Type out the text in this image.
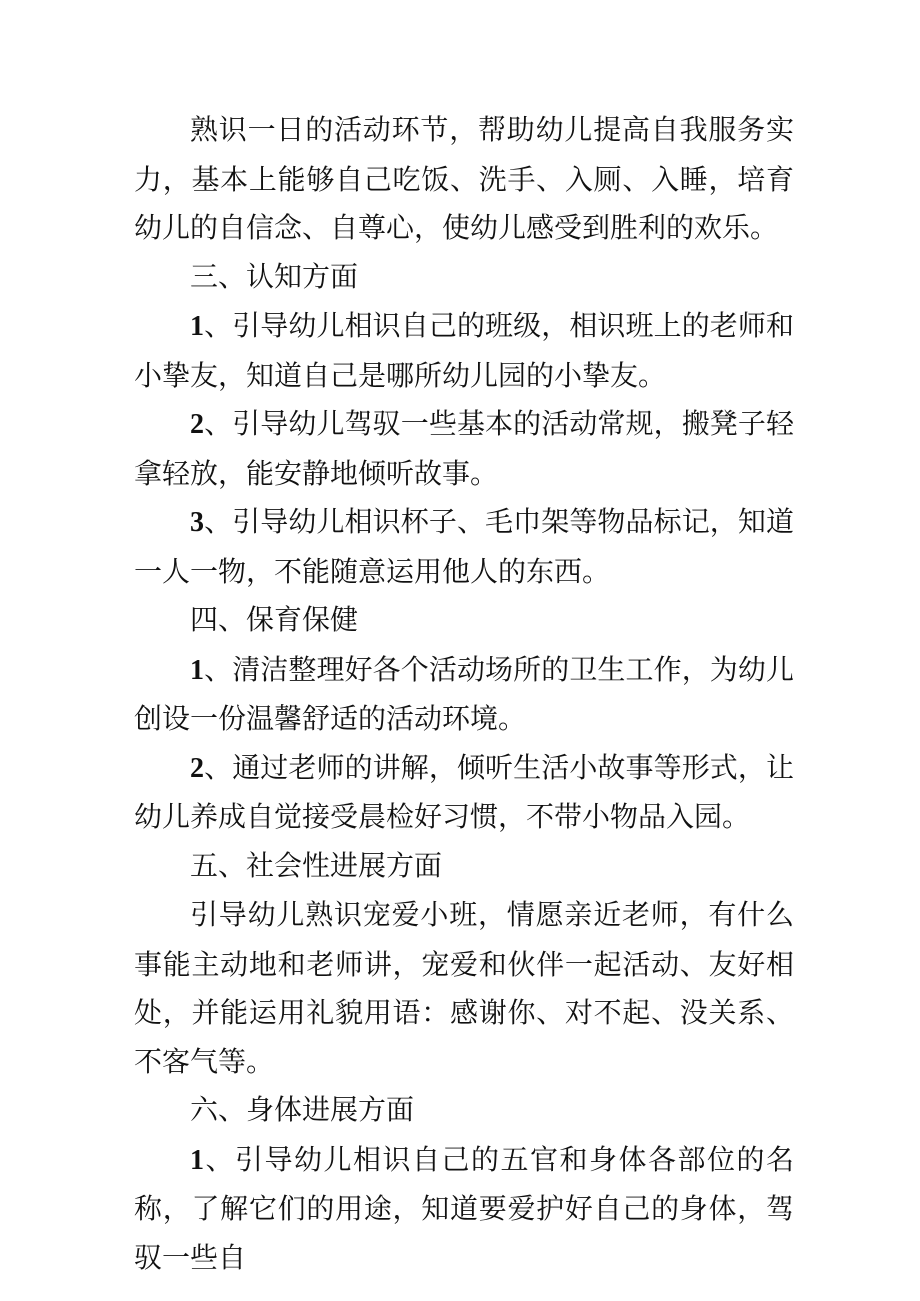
熟识一日的活动环节，帮助幼儿提高自我服务实力，基本上能够自己吃饭、洗手、入厕、入睡，培育幼儿的自信念、自尊心，使幼儿感受到胜利的欢乐。

三、认知方面

1、引导幼儿相识自己的班级，相识班上的老师和小挚友，知道自己是哪所幼儿园的小挚友。

2、引导幼儿驾驭一些基本的活动常规，搬凳子轻拿轻放，能安静地倾听故事。

3、引导幼儿相识杯子、毛巾架等物品标记，知道一人一物，不能随意运用他人的东西。

四、保育保健

1、清洁整理好各个活动场所的卫生工作，为幼儿创设一份温馨舒适的活动环境。

2、通过老师的讲解，倾听生活小故事等形式，让幼儿养成自觉接受晨检好习惯，不带小物品入园。

五、社会性进展方面

引导幼儿熟识宠爱小班，情愿亲近老师，有什么事能主动地和老师讲，宠爱和伙伴一起活动、友好相处，并能运用礼貌用语：感谢你、对不起、没关系、不客气等。

六、身体进展方面

1、引导幼儿相识自己的五官和身体各部位的名称，了解它们的用途，知道要爱护好自己的身体，驾驭一些自
